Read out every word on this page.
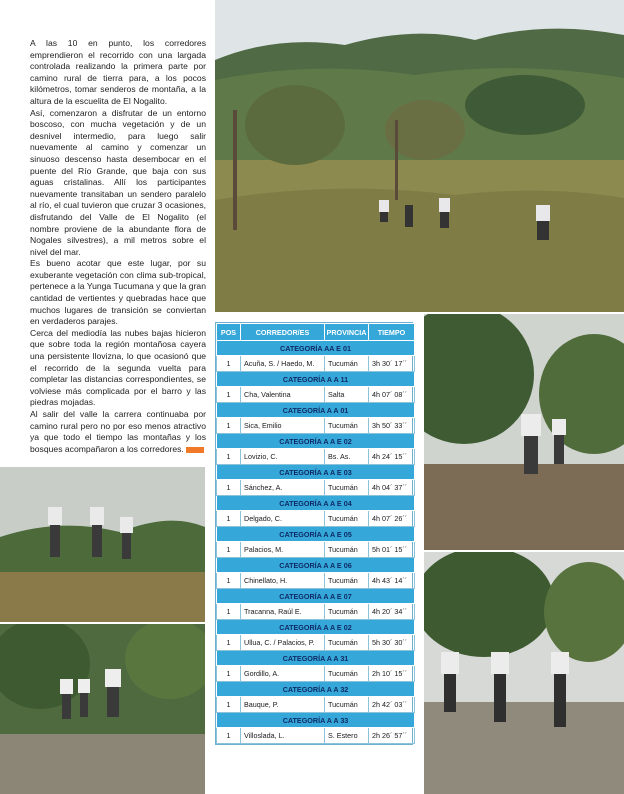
A las 10 en punto, los corredores emprendieron el recorrido con una largada controlada realizando la primera parte por camino rural de tierra para, a los pocos kilómetros, tomar senderos de montaña, a la altura de la escuelita de El Nogalito.

Así, comenzaron a disfrutar de un entorno boscoso, con mucha vegetación y de un desnivel intermedio, para luego salir nuevamente al camino y comenzar un sinuoso descenso hasta desembocar en el puente del Río Grande, que baja con sus aguas cristalinas. Allí los participantes nuevamente transitaban un sendero paralelo al río, el cual tuvieron que cruzar 3 ocasiones, disfrutando del Valle de El Nogalito (el nombre proviene de la abundante flora de Nogales silvestres), a mil metros sobre el nivel del mar.

Es bueno acotar que este lugar, por su exuberante vegetación con clima sub-tropical, pertenece a la Yunga Tucumana y que la gran cantidad de vertientes y quebradas hace que muchos lugares de transición se conviertan en verdaderos parajes.

Cerca del mediodía las nubes bajas hicieron que sobre toda la región montañosa cayera una persistente llovizna, lo que ocasionó que el recorrido de la segunda vuelta para completar las distancias correspondientes, se volviese más complicada por el barro y las piedras mojadas.

Al salir del valle la carrera continuaba por camino rural pero no por eso menos atractivo ya que todo el tiempo las montañas y los bosques acompañaron a los corredores.

POS	CORREDOR/ES	PROVINCIA	TIEMPO
CATEGORÍA AA E 01			
1	Acuña, S. / Haedo, M.	Tucumán	3h 30´ 17´´
CATEGORÍA A A 11			
1	Cha, Valentina	Salta	4h 07´ 08´´
CATEGORÍA A A 01			
1	Sica, Emilio	Tucumán	3h 50´ 33´´
CATEGORÍA A A E 02			
1	Lovizio, C.	Bs. As.	4h 24´ 15´´
CATEGORÍA A A E 03			
1	Sánchez, A.	Tucumán	4h 04´ 37´´
CATEGORÍA A A E 04			
1	Delgado, C.	Tucumán	4h 07´ 26´´
CATEGORÍA A A E 05			
1	Palacios, M.	Tucumán	5h 01´ 15´´
CATEGORÍA A A E 06			
1	Chinellato, H.	Tucumán	4h 43´ 14´´
CATEGORÍA A A E 07			
1	Tracanna, Raúl E.	Tucumán	4h 20´ 34´´
CATEGORÍA A A E 02			
1	Ullua, C. / Palacios, P.	Tucumán	5h 30´ 30´´
CATEGORÍA A A 31			
1	Gordillo, A.	Tucumán	2h 10´ 15´´
CATEGORÍA A A 32			
1	Bauque, P.	Tucumán	2h 42´ 03´´
CATEGORÍA A A 33			
1	Villoslada, L.	S. Estero	2h 26´ 57´´
